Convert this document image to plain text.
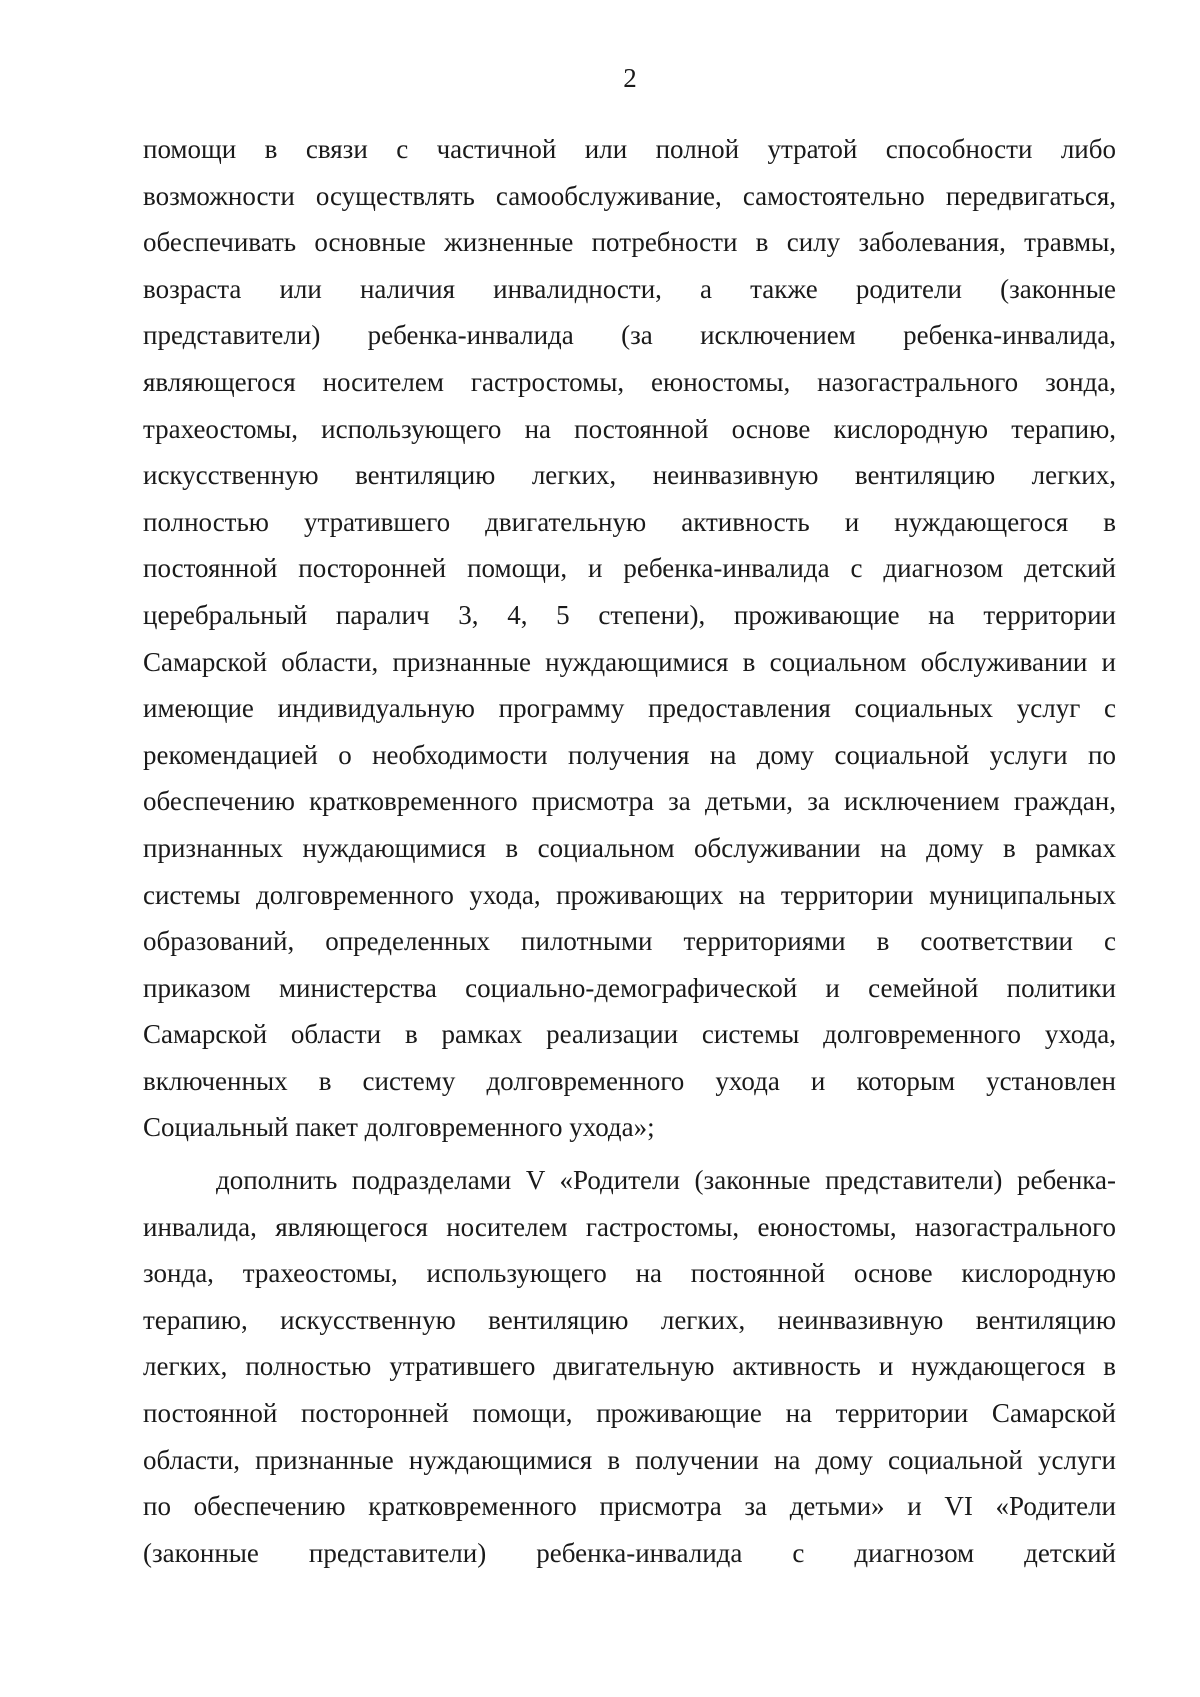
2
помощи в связи с частичной или полной утратой способности либо
возможности осуществлять самообслуживание, самостоятельно передвигаться,
обеспечивать основные жизненные потребности в силу заболевания, травмы,
возраста или наличия инвалидности, а также родители (законные
представители) ребенка-инвалида (за исключением ребенка-инвалида,
являющегося носителем гастростомы, еюностомы, назогастрального зонда,
трахеостомы, использующего на постоянной основе кислородную терапию,
искусственную вентиляцию легких, неинвазивную вентиляцию легких,
полностью утратившего двигательную активность и нуждающегося в
постоянной посторонней помощи, и ребенка-инвалида с диагнозом детский
церебральный паралич 3, 4, 5 степени), проживающие на территории
Самарской области, признанные нуждающимися в социальном обслуживании и
имеющие индивидуальную программу предоставления социальных услуг с
рекомендацией о необходимости получения на дому социальной услуги по
обеспечению кратковременного присмотра за детьми, за исключением граждан,
признанных нуждающимися в социальном обслуживании на дому в рамках
системы долговременного ухода, проживающих на территории муниципальных
образований, определенных пилотными территориями в соответствии с
приказом министерства социально-демографической и семейной политики
Самарской области в рамках реализации системы долговременного ухода,
включенных в систему долговременного ухода и которым установлен
Социальный пакет долговременного ухода»;
дополнить подразделами V «Родители (законные представители) ребенка-
инвалида, являющегося носителем гастростомы, еюностомы, назогастрального
зонда, трахеостомы, использующего на постоянной основе кислородную
терапию, искусственную вентиляцию легких, неинвазивную вентиляцию
легких, полностью утратившего двигательную активность и нуждающегося в
постоянной посторонней помощи, проживающие на территории Самарской
области, признанные нуждающимися в получении на дому социальной услуги
по обеспечению кратковременного присмотра за детьми» и VI «Родители
(законные представители) ребенка-инвалида с диагнозом детский
